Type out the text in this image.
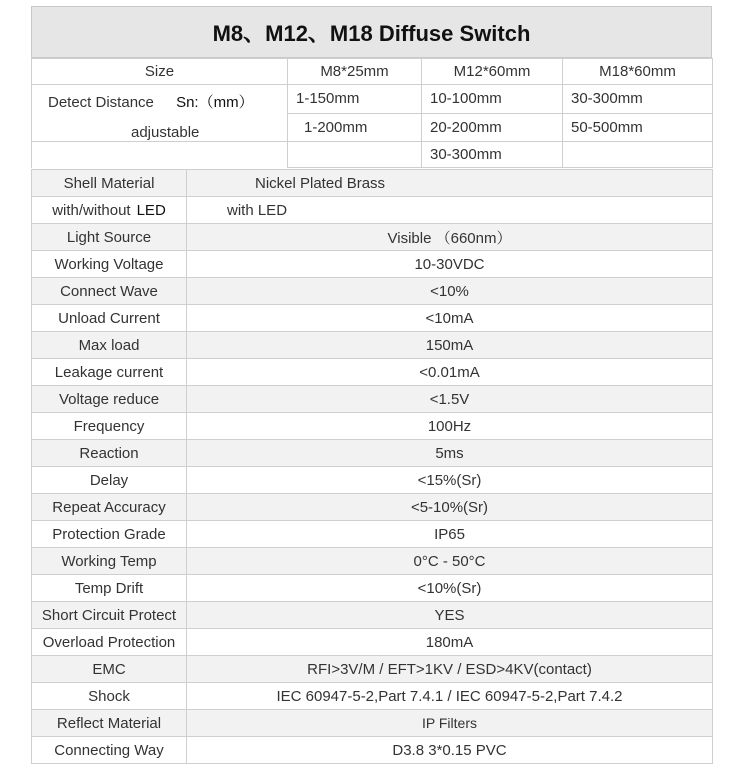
M8、M12、M18 Diffuse Switch
Size	M8*25mm	M12*60mm	M18*60mm

Detect Distance Sn:（mm）
adjustable	1-150mm	10-100mm	30-300mm
	1-200mm	20-200mm	50-500mm
		30-300mm	
Shell Material	Nickel Plated Brass
with/without LED	with LED
Light Source	Visible （660nm）
Working Voltage	10-30VDC
Connect Wave	<10%
Unload Current	<10mA
Max load	150mA
Leakage current	<0.01mA
Voltage reduce	<1.5V
Frequency	100Hz
Reaction	5ms
Delay	<15%(Sr)
Repeat Accuracy	<5-10%(Sr)
Protection Grade	IP65
Working Temp	0°C - 50°C
Temp Drift	<10%(Sr)
Short Circuit Protect	YES
Overload Protection	180mA
EMC	RFI>3V/M / EFT>1KV / ESD>4KV(contact)
Shock	IEC 60947-5-2,Part 7.4.1 / IEC 60947-5-2,Part 7.4.2
Reflect Material	IP Filters
Connecting Way	D3.8 3*0.15 PVC
